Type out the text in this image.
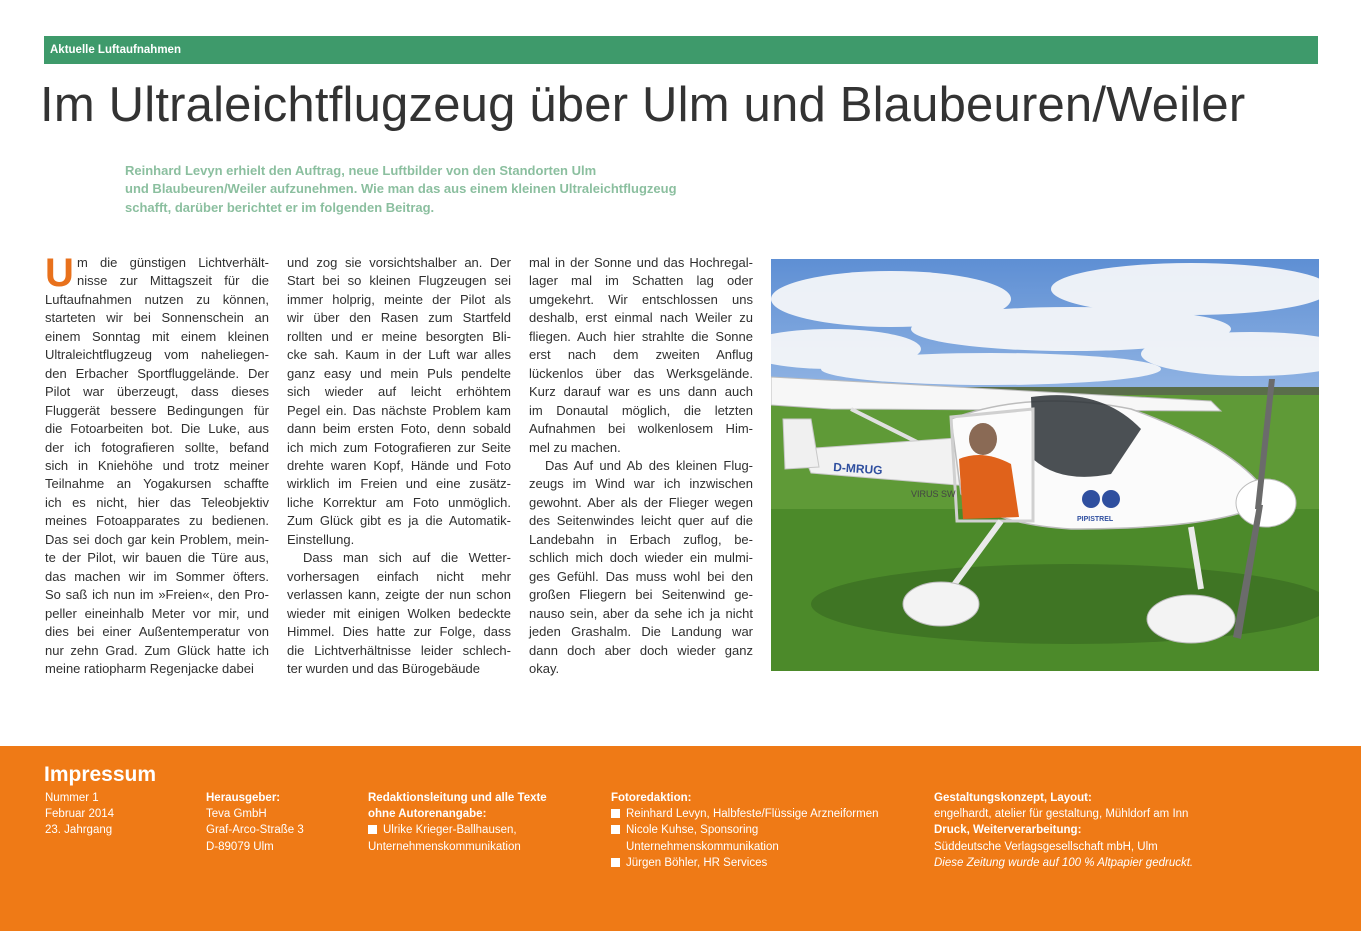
Aktuelle Luftaufnahmen
Im Ultraleichtflugzeug über Ulm und Blaubeuren/Weiler
Reinhard Levyn erhielt den Auftrag, neue Luftbilder von den Standorten Ulm
und Blaubeuren/Weiler aufzunehmen. Wie man das aus einem kleinen Ultraleichtflugzeug
schafft, darüber berichtet er im folgenden Beitrag.
U m die günstigen Lichtverhält-
nisse zur Mittagszeit für die
Luftaufnahmen nutzen zu können,
starteten wir bei Sonnenschein an
einem Sonntag mit einem kleinen
Ultraleichtflugzeug vom naheliegen-
den Erbacher Sportfluggelände. Der
Pilot war überzeugt, dass dieses
Fluggerät bessere Bedingungen für
die Fotoarbeiten bot. Die Luke, aus
der ich fotografieren sollte, befand
sich in Kniehöhe und trotz meiner
Teilnahme an Yogakursen schaffte
ich es nicht, hier das Teleobjektiv
meines Fotoapparates zu bedienen.
Das sei doch gar kein Problem, mein-
te der Pilot, wir bauen die Türe aus,
das machen wir im Sommer öfters.
So saß ich nun im »Freien«, den Pro-
peller eineinhalb Meter vor mir, und
dies bei einer Außentemperatur von
nur zehn Grad. Zum Glück hatte ich
meine ratiopharm Regenjacke dabei
und zog sie vorsichtshalber an. Der
Start bei so kleinen Flugzeugen sei
immer holprig, meinte der Pilot als
wir über den Rasen zum Startfeld
rollten und er meine besorgten Bli-
cke sah. Kaum in der Luft war alles
ganz easy und mein Puls pendelte
sich wieder auf leicht erhöhtem
Pegel ein. Das nächste Problem kam
dann beim ersten Foto, denn sobald
ich mich zum Fotografieren zur Seite
drehte waren Kopf, Hände und Foto
wirklich im Freien und eine zusätz-
liche Korrektur am Foto unmöglich.
Zum Glück gibt es ja die Automatik-
Einstellung.
Dass man sich auf die Wetter-
vorhersagen einfach nicht mehr
verlassen kann, zeigte der nun schon
wieder mit einigen Wolken bedeckte
Himmel. Dies hatte zur Folge, dass
die Lichtverhältnisse leider schlech-
ter wurden und das Bürogebäude
mal in der Sonne und das Hochregal-
lager mal im Schatten lag oder
umgekehrt. Wir entschlossen uns
deshalb, erst einmal nach Weiler zu
fliegen. Auch hier strahlte die Sonne
erst nach dem zweiten Anflug
lückenlos über das Werksgelände.
Kurz darauf war es uns dann auch
im Donautal möglich, die letzten
Aufnahmen bei wolkenlosem Him-
mel zu machen.
Das Auf und Ab des kleinen Flug-
zeugs im Wind war ich inzwischen
gewohnt. Aber als der Flieger wegen
des Seitenwindes leicht quer auf die
Landebahn in Erbach zuflog, be-
schlich mich doch wieder ein mulmi-
ges Gefühl. Das muss wohl bei den
großen Fliegern bei Seitenwind ge-
nauso sein, aber da sehe ich ja nicht
jeden Grashalm. Die Landung war
dann doch aber doch wieder ganz
okay.
D-MRUG
VIRUS SW
PIPISTREL
Impressum
Nummer 1
Februar 2014
23. Jahrgang
Herausgeber:
Teva GmbH
Graf-Arco-Straße 3
D-89079 Ulm
Redaktionsleitung und alle Texte
ohne Autorenangabe:
Ulrike Krieger-Ballhausen,
Unternehmenskommunikation
Fotoredaktion:
Reinhard Levyn, Halbfeste/Flüssige Arzneiformen
Nicole Kuhse, Sponsoring
Unternehmenskommunikation
Jürgen Böhler, HR Services
Gestaltungskonzept, Layout:
engelhardt, atelier für gestaltung, Mühldorf am Inn
Druck, Weiterverarbeitung:
Süddeutsche Verlagsgesellschaft mbH, Ulm
Diese Zeitung wurde auf 100 % Altpapier gedruckt.
